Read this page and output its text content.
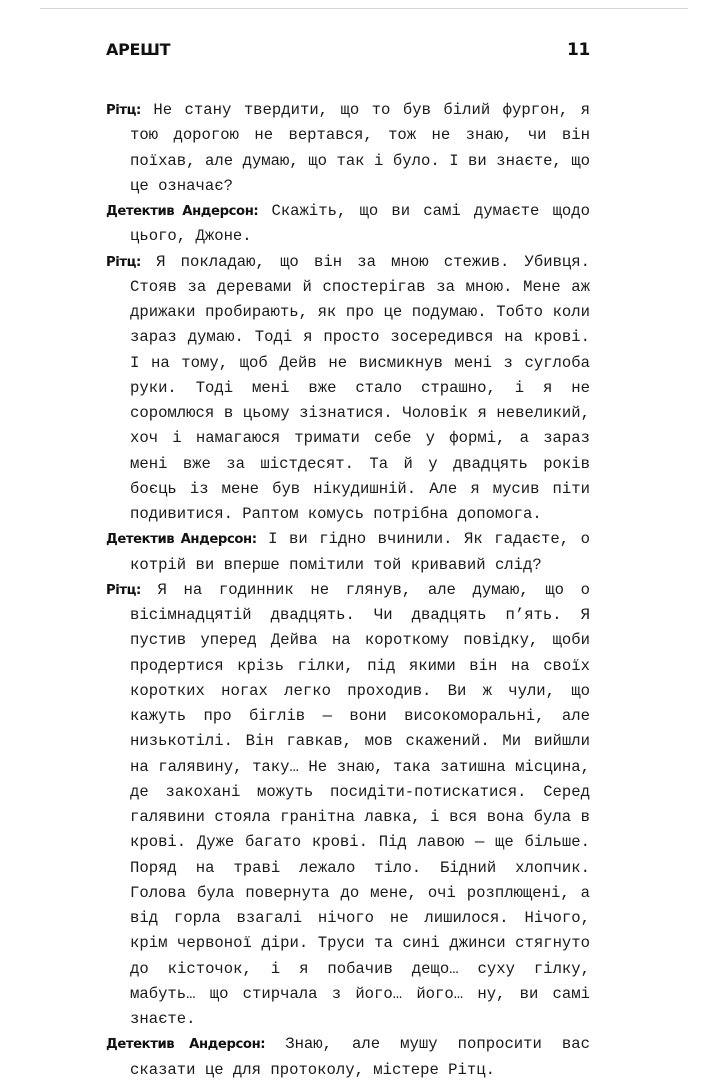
АРЕШТ	11

Рітц: Не стану твердити, що то був білий фургон, я тою дорогою не вертався, тож не знаю, чи він поїхав, але думаю, що так і було. І ви знаєте, що це означає?

Детектив Андерсон: Скажіть, що ви самі думаєте щодо цього, Джоне.

Рітц: Я покладаю, що він за мною стежив. Убивця. Стояв за деревами й спостерігав за мною. Мене аж дрижаки пробирають, як про це подумаю. Тобто коли зараз думаю. Тоді я просто зосередився на крові. І на тому, щоб Дейв не висмикнув мені з суглоба руки. Тоді мені вже стало страшно, і я не соромлюся в цьому зізнатися. Чоловік я невеликий, хоч і намагаюся тримати себе у формі, а зараз мені вже за шістдесят. Та й у двадцять років боєць із мене був нікудишній. Але я мусив піти подивитися. Раптом комусь потрібна допомога.

Детектив Андерсон: І ви гідно вчинили. Як гадаєте, о котрій ви вперше помітили той кривавий слід?

Рітц: Я на годинник не глянув, але думаю, що о вісімнадцятій двадцять. Чи двадцять п’ять. Я пустив уперед Дейва на короткому повідку, щоби продертися крізь гілки, під якими він на своїх коротких ногах легко проходив. Ви ж чули, що кажуть про біглів — вони високоморальні, але низькотілі. Він гавкав, мов скажений. Ми вийшли на галявину, таку… Не знаю, така затишна місцина, де закохані можуть посидіти-потискатися. Серед галявини стояла гранітна лавка, і вся вона була в крові. Дуже багато крові. Під лавою — ще більше. Поряд на траві лежало тіло. Бідний хлопчик. Голова була повернута до мене, очі розплющені, а від горла взагалі нічого не лишилося. Нічого, крім червоної діри. Труси та сині джинси стягнуто до кісточок, і я побачив дещо… суху гілку, мабуть… що стирчала з його… його… ну, ви самі знаєте.

Детектив Андерсон: Знаю, але мушу попросити вас сказати це для протоколу, містере Рітц.
